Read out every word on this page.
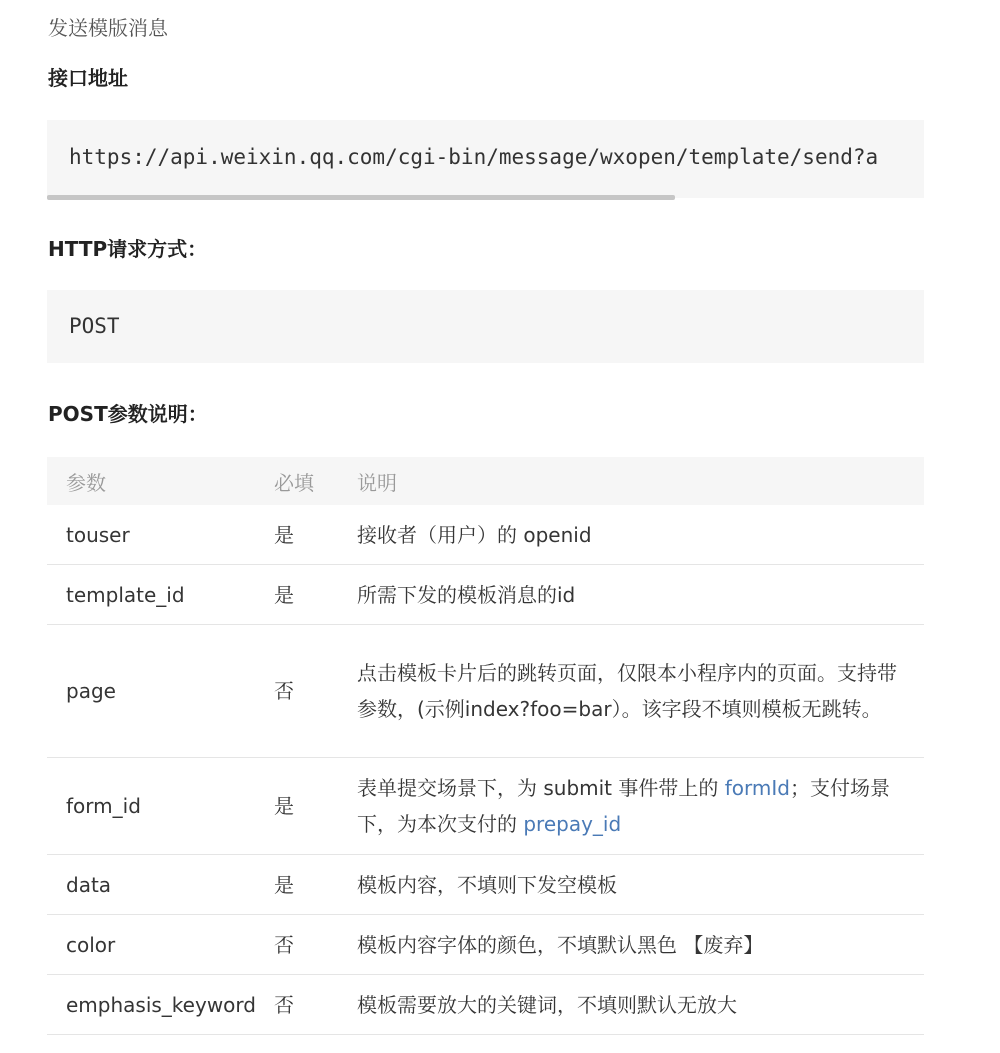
发送模版消息
接口地址
https://api.weixin.qq.com/cgi-bin/message/wxopen/template/send?a
HTTP请求方式：
POST
POST参数说明：
参数	必填	说明
touser	是	接收者（用户）的 openid
template_id	是	所需下发的模板消息的id
page	否	点击模板卡片后的跳转页面，仅限本小程序内的页面。支持带参数，(示例index?foo=bar）。该字段不填则模板无跳转。
form_id	是	表单提交场景下，为 submit 事件带上的 formId；支付场景下，为本次支付的 prepay_id
data	是	模板内容，不填则下发空模板
color	否	模板内容字体的颜色，不填默认黑色 【废弃】
emphasis_keyword	否	模板需要放大的关键词，不填则默认无放大
